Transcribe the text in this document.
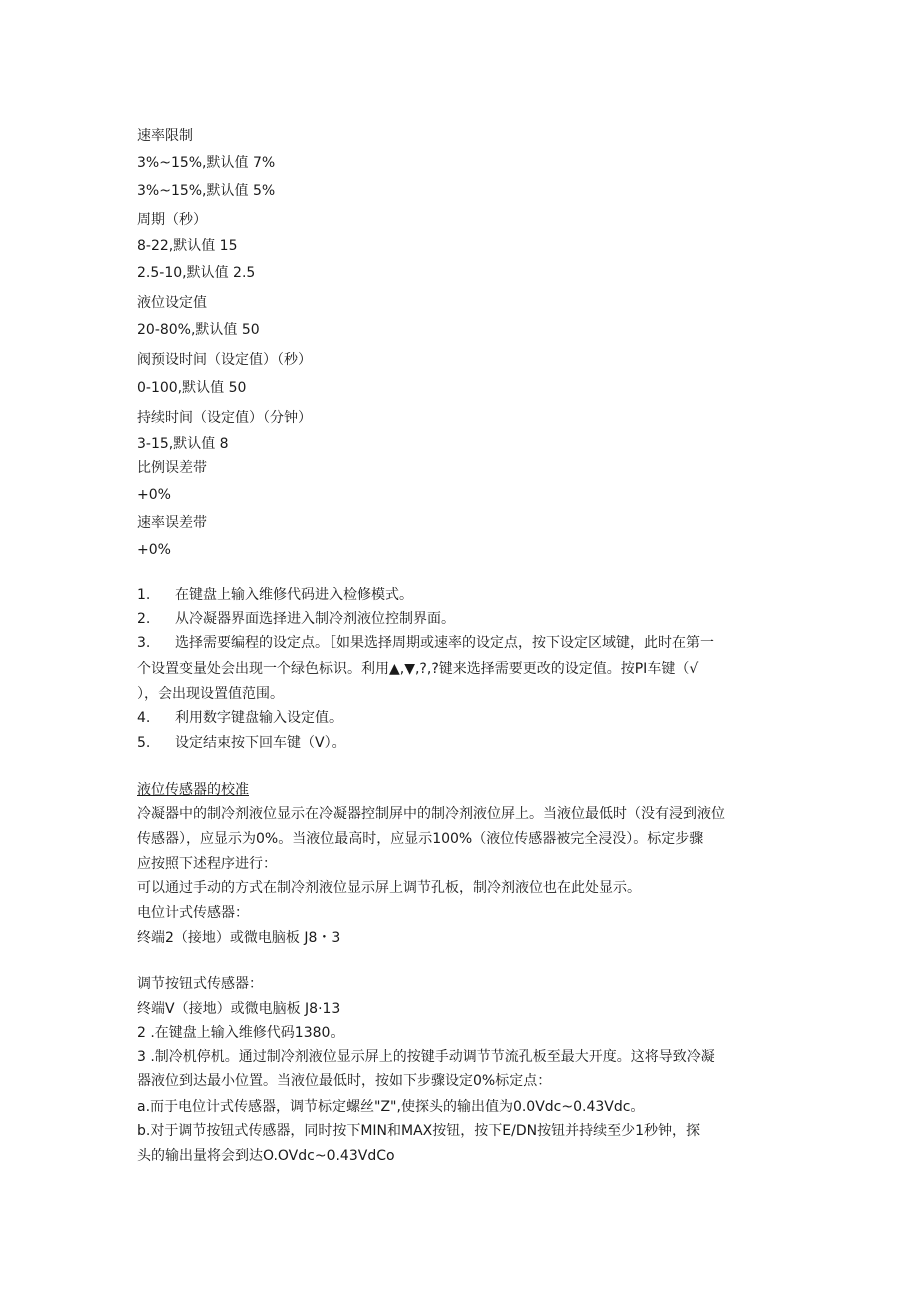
速率限制
3%~15%,默认值 7%
3%~15%,默认值 5%
周期（秒）
8-22,默认值 15
2.5-10,默认值 2.5
液位设定值
20-80%,默认值 50
阀预设时间（设定值）（秒）
0-100,默认值 50
持续时间（设定值）（分钟）
3-15,默认值 8
比例误差带
+0%
速率误差带
+0%
1. 在键盘上输入维修代码进入检修模式。
2. 从冷凝器界面选择进入制冷剂液位控制界面。
3. 选择需要编程的设定点。［如果选择周期或速率的设定点，按下设定区域键，此时在第一
个设置变量处会出现一个绿色标识。利用▲,▼,?,?键来选择需要更改的设定值。按PI车键（√
），会出现设置值范围。
4. 利用数字键盘输入设定值。
5. 设定结束按下回车键（V）。
液位传感器的校准
冷凝器中的制冷剂液位显示在冷凝器控制屏中的制冷剂液位屏上。当液位最低时（没有浸到液位
传感器），应显示为0%。当液位最高时，应显示100%（液位传感器被完全浸没）。标定步骤
应按照下述程序进行：
可以通过手动的方式在制冷剂液位显示屏上调节孔板，制冷剂液位也在此处显示。
电位计式传感器：
终端2（接地）或微电脑板 J8・3
调节按钮式传感器：
终端V（接地）或微电脑板 J8·13
2 .在键盘上输入维修代码1380。
3 .制冷机停机。通过制冷剂液位显示屏上的按键手动调节节流孔板至最大开度。这将导致冷凝
器液位到达最小位置。当液位最低时，按如下步骤设定0%标定点：
a.而于电位计式传感器，调节标定螺丝"Z",使探头的输出值为0.0Vdc~0.43Vdc。
b.对于调节按钮式传感器，同时按下MIN和MAX按钮，按下E/DN按钮并持续至少1秒钟，探
头的输出量将会到达O.OVdc~0.43VdCo
